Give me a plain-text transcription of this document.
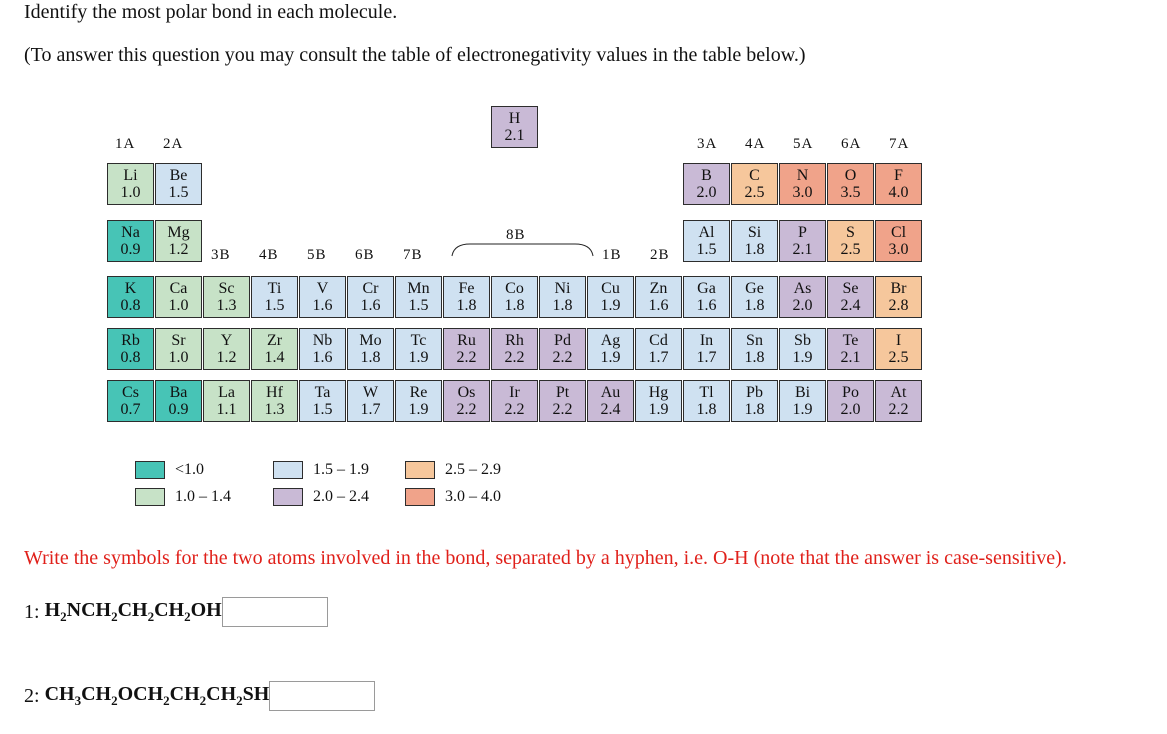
Identify the most polar bond in each molecule.
(To answer this question you may consult the table of electronegativity values in the table below.)
H
2.1
Li
1.0
Be
1.5
B
2.0
C
2.5
N
3.0
O
3.5
F
4.0
Na
0.9
Mg
1.2
Al
1.5
Si
1.8
P
2.1
S
2.5
Cl
3.0
K
0.8
Ca
1.0
Sc
1.3
Ti
1.5
V
1.6
Cr
1.6
Mn
1.5
Fe
1.8
Co
1.8
Ni
1.8
Cu
1.9
Zn
1.6
Ga
1.6
Ge
1.8
As
2.0
Se
2.4
Br
2.8
Rb
0.8
Sr
1.0
Y
1.2
Zr
1.4
Nb
1.6
Mo
1.8
Tc
1.9
Ru
2.2
Rh
2.2
Pd
2.2
Ag
1.9
Cd
1.7
In
1.7
Sn
1.8
Sb
1.9
Te
2.1
I
2.5
Cs
0.7
Ba
0.9
La
1.1
Hf
1.3
Ta
1.5
W
1.7
Re
1.9
Os
2.2
Ir
2.2
Pt
2.2
Au
2.4
Hg
1.9
Tl
1.8
Pb
1.8
Bi
1.9
Po
2.0
At
2.2
1A 2A	3A 4A 5A 6A 7A
3B 4B 5B 6B 7B
8B
1B 2B
<1.0
1.0 – 1.4
1.5 – 1.9
2.0 – 2.4
2.5 – 2.9
3.0 – 4.0
Write the symbols for the two atoms involved in the bond, separated by a hyphen, i.e. O-H (note that the answer is case-sensitive).
1:
$H_2NCH_2CH_2CH_2OH$
2:
$CH_3CH_2OCH_2CH_2CH_2SH$
